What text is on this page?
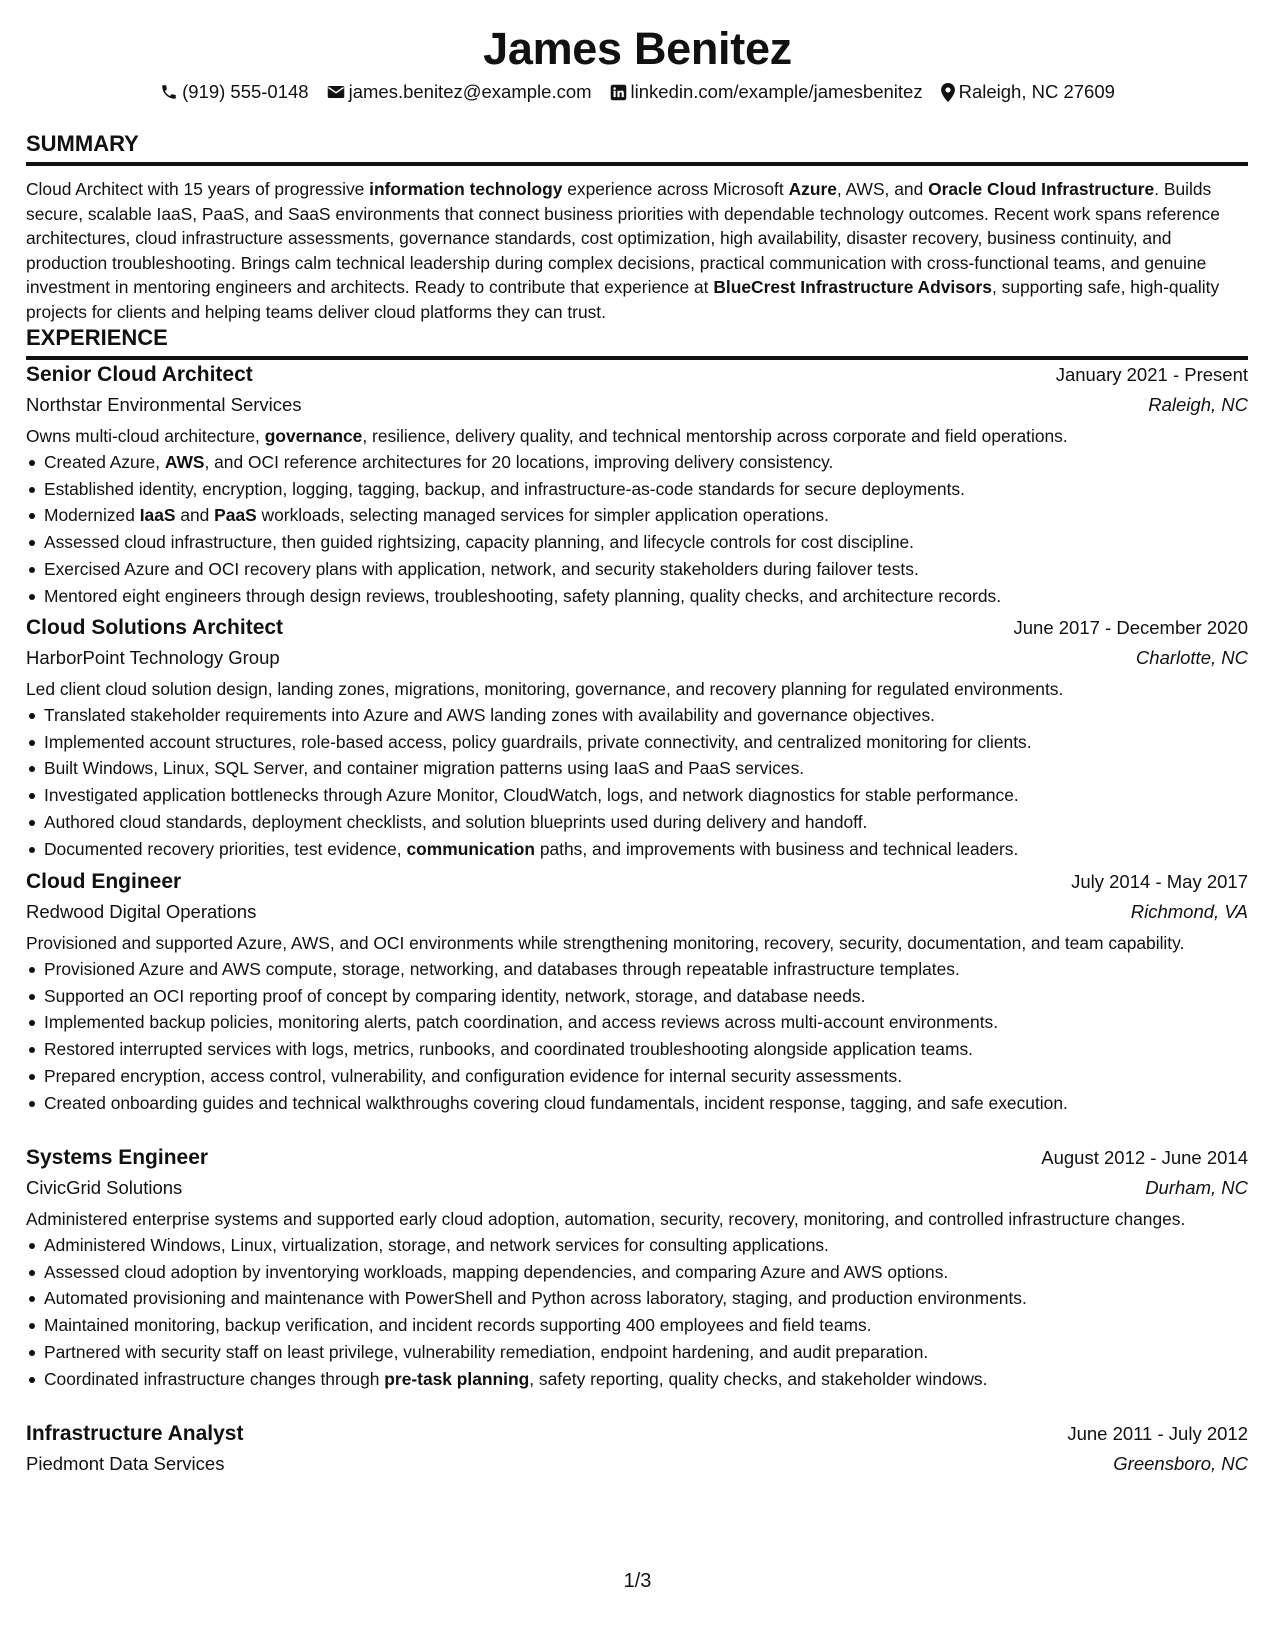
James Benitez
(919) 555-0148 james.benitez@example.com linkedin.com/example/jamesbenitez Raleigh, NC 27609
SUMMARY

Cloud Architect with 15 years of progressive information technology experience across Microsoft Azure, AWS, and Oracle Cloud Infrastructure. Builds secure, scalable IaaS, PaaS, and SaaS environments that connect business priorities with dependable technology outcomes. Recent work spans reference architectures, cloud infrastructure assessments, governance standards, cost optimization, high availability, disaster recovery, business continuity, and production troubleshooting. Brings calm technical leadership during complex decisions, practical communication with cross-functional teams, and genuine investment in mentoring engineers and architects. Ready to contribute that experience at BlueCrest Infrastructure Advisors, supporting safe, high-quality projects for clients and helping teams deliver cloud platforms they can trust.

EXPERIENCE
Senior Cloud Architect	January 2021 - Present
Northstar Environmental Services	Raleigh, NC

Owns multi-cloud architecture, governance, resilience, delivery quality, and technical mentorship across corporate and field operations.

Created Azure, AWS, and OCI reference architectures for 20 locations, improving delivery consistency.
Established identity, encryption, logging, tagging, backup, and infrastructure-as-code standards for secure deployments.
Modernized IaaS and PaaS workloads, selecting managed services for simpler application operations.
Assessed cloud infrastructure, then guided rightsizing, capacity planning, and lifecycle controls for cost discipline.
Exercised Azure and OCI recovery plans with application, network, and security stakeholders during failover tests.
Mentored eight engineers through design reviews, troubleshooting, safety planning, quality checks, and architecture records.
Cloud Solutions Architect	June 2017 - December 2020
HarborPoint Technology Group	Charlotte, NC

Led client cloud solution design, landing zones, migrations, monitoring, governance, and recovery planning for regulated environments.

Translated stakeholder requirements into Azure and AWS landing zones with availability and governance objectives.
Implemented account structures, role-based access, policy guardrails, private connectivity, and centralized monitoring for clients.
Built Windows, Linux, SQL Server, and container migration patterns using IaaS and PaaS services.
Investigated application bottlenecks through Azure Monitor, CloudWatch, logs, and network diagnostics for stable performance.
Authored cloud standards, deployment checklists, and solution blueprints used during delivery and handoff.
Documented recovery priorities, test evidence, communication paths, and improvements with business and technical leaders.
Cloud Engineer	July 2014 - May 2017
Redwood Digital Operations	Richmond, VA

Provisioned and supported Azure, AWS, and OCI environments while strengthening monitoring, recovery, security, documentation, and team capability.

Provisioned Azure and AWS compute, storage, networking, and databases through repeatable infrastructure templates.
Supported an OCI reporting proof of concept by comparing identity, network, storage, and database needs.
Implemented backup policies, monitoring alerts, patch coordination, and access reviews across multi-account environments.
Restored interrupted services with logs, metrics, runbooks, and coordinated troubleshooting alongside application teams.
Prepared encryption, access control, vulnerability, and configuration evidence for internal security assessments.
Created onboarding guides and technical walkthroughs covering cloud fundamentals, incident response, tagging, and safe execution.
Systems Engineer	August 2012 - June 2014
CivicGrid Solutions	Durham, NC

Administered enterprise systems and supported early cloud adoption, automation, security, recovery, monitoring, and controlled infrastructure changes.

Administered Windows, Linux, virtualization, storage, and network services for consulting applications.
Assessed cloud adoption by inventorying workloads, mapping dependencies, and comparing Azure and AWS options.
Automated provisioning and maintenance with PowerShell and Python across laboratory, staging, and production environments.
Maintained monitoring, backup verification, and incident records supporting 400 employees and field teams.
Partnered with security staff on least privilege, vulnerability remediation, endpoint hardening, and audit preparation.
Coordinated infrastructure changes through pre-task planning, safety reporting, quality checks, and stakeholder windows.
Infrastructure Analyst	June 2011 - July 2012
Piedmont Data Services	Greensboro, NC
1/3
